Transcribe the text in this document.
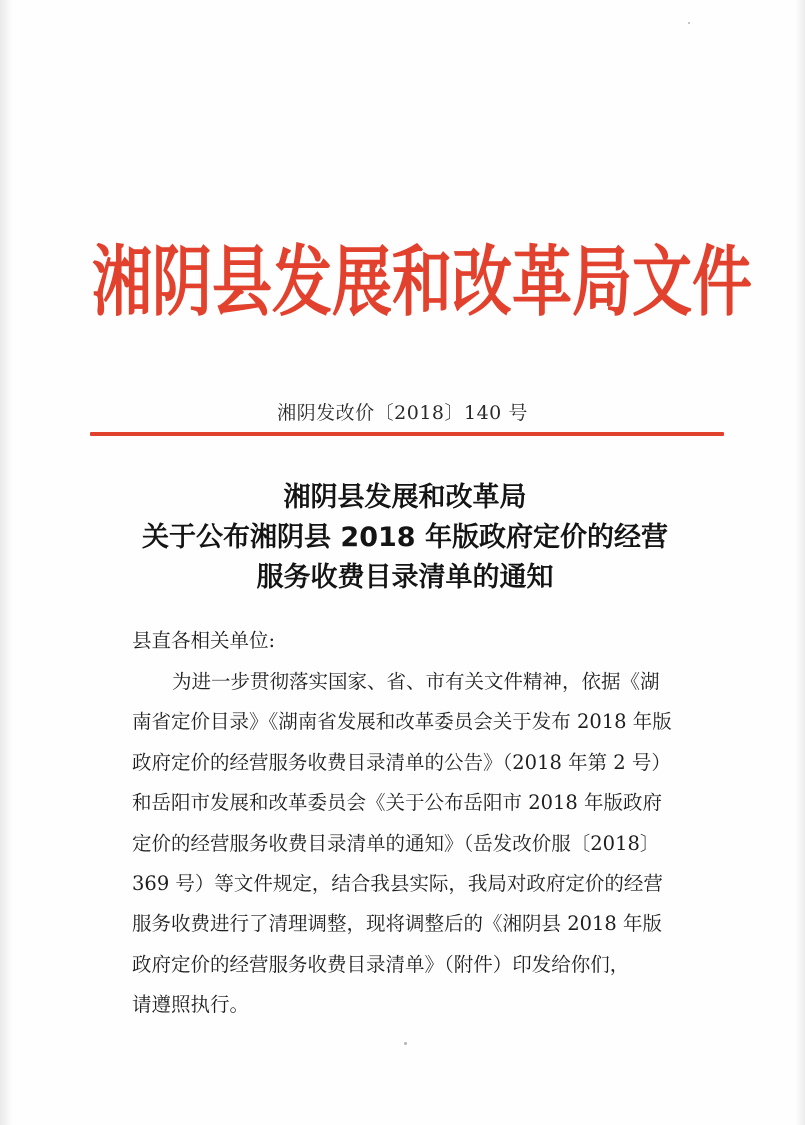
湘阴县发展和改革局文件
湘阴发改价〔2018〕140 号
湘阴县发展和改革局
关于公布湘阴县 2018 年版政府定价的经营
服务收费目录清单的通知
县直各相关单位:
为进一步贯彻落实国家、省、市有关文件精神，依据《湖
南省定价目录》《湖南省发展和改革委员会关于发布 2018 年版
政府定价的经营服务收费目录清单的公告》（2018 年第 2 号）
和岳阳市发展和改革委员会《关于公布岳阳市 2018 年版政府
定价的经营服务收费目录清单的通知》（岳发改价服〔2018〕
369 号）等文件规定，结合我县实际，我局对政府定价的经营
服务收费进行了清理调整，现将调整后的《湘阴县 2018 年版
政府定价的经营服务收费目录清单》（附件）印发给你们，
请遵照执行。
